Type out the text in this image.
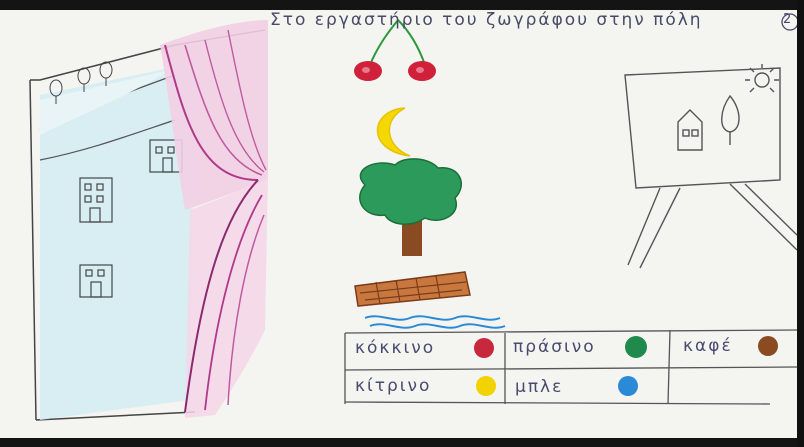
Στο εργαστήριο του ζωγράφου στην πόλη	2
κόκκινο	πράσινο	καφέ
κίτρινο	μπλε
